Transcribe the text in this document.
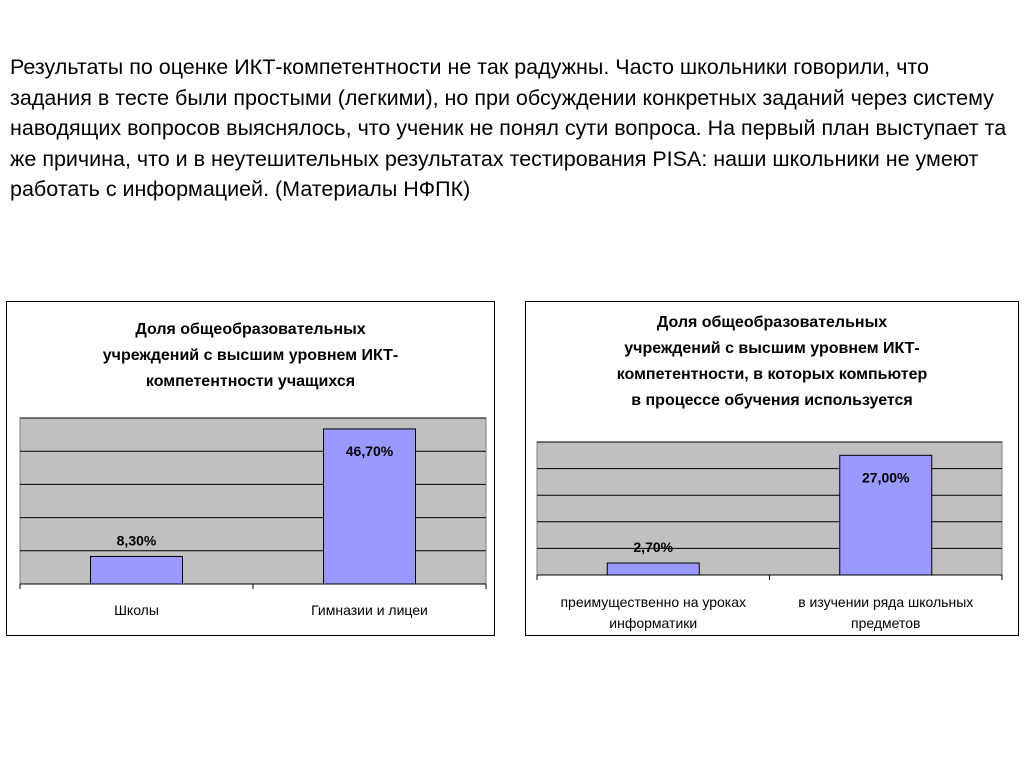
Результаты по оценке ИКТ-компетентности не так радужны. Часто школьники говорили, что задания в тесте были простыми (легкими), но при обсуждении конкретных заданий через систему наводящих вопросов выяснялось, что ученик не понял сути вопроса. На первый план выступает та же причина, что и в неутешительных результатах тестирования PISA: наши школьники не умеют работать с информацией. (Материалы НФПК)

Доля общеобразовательных
учреждений с высшим уровнем ИКТ-
компетентности учащихся
8,30%
Школы
46,70%
Гимназии и лицеи
Доля общеобразовательных
учреждений с высшим уровнем ИКТ-
компетентности, в которых компьютер
в процессе обучения используется
2,70%
преимущественно на уроках
информатики
27,00%
в изучении ряда школьных
предметов
